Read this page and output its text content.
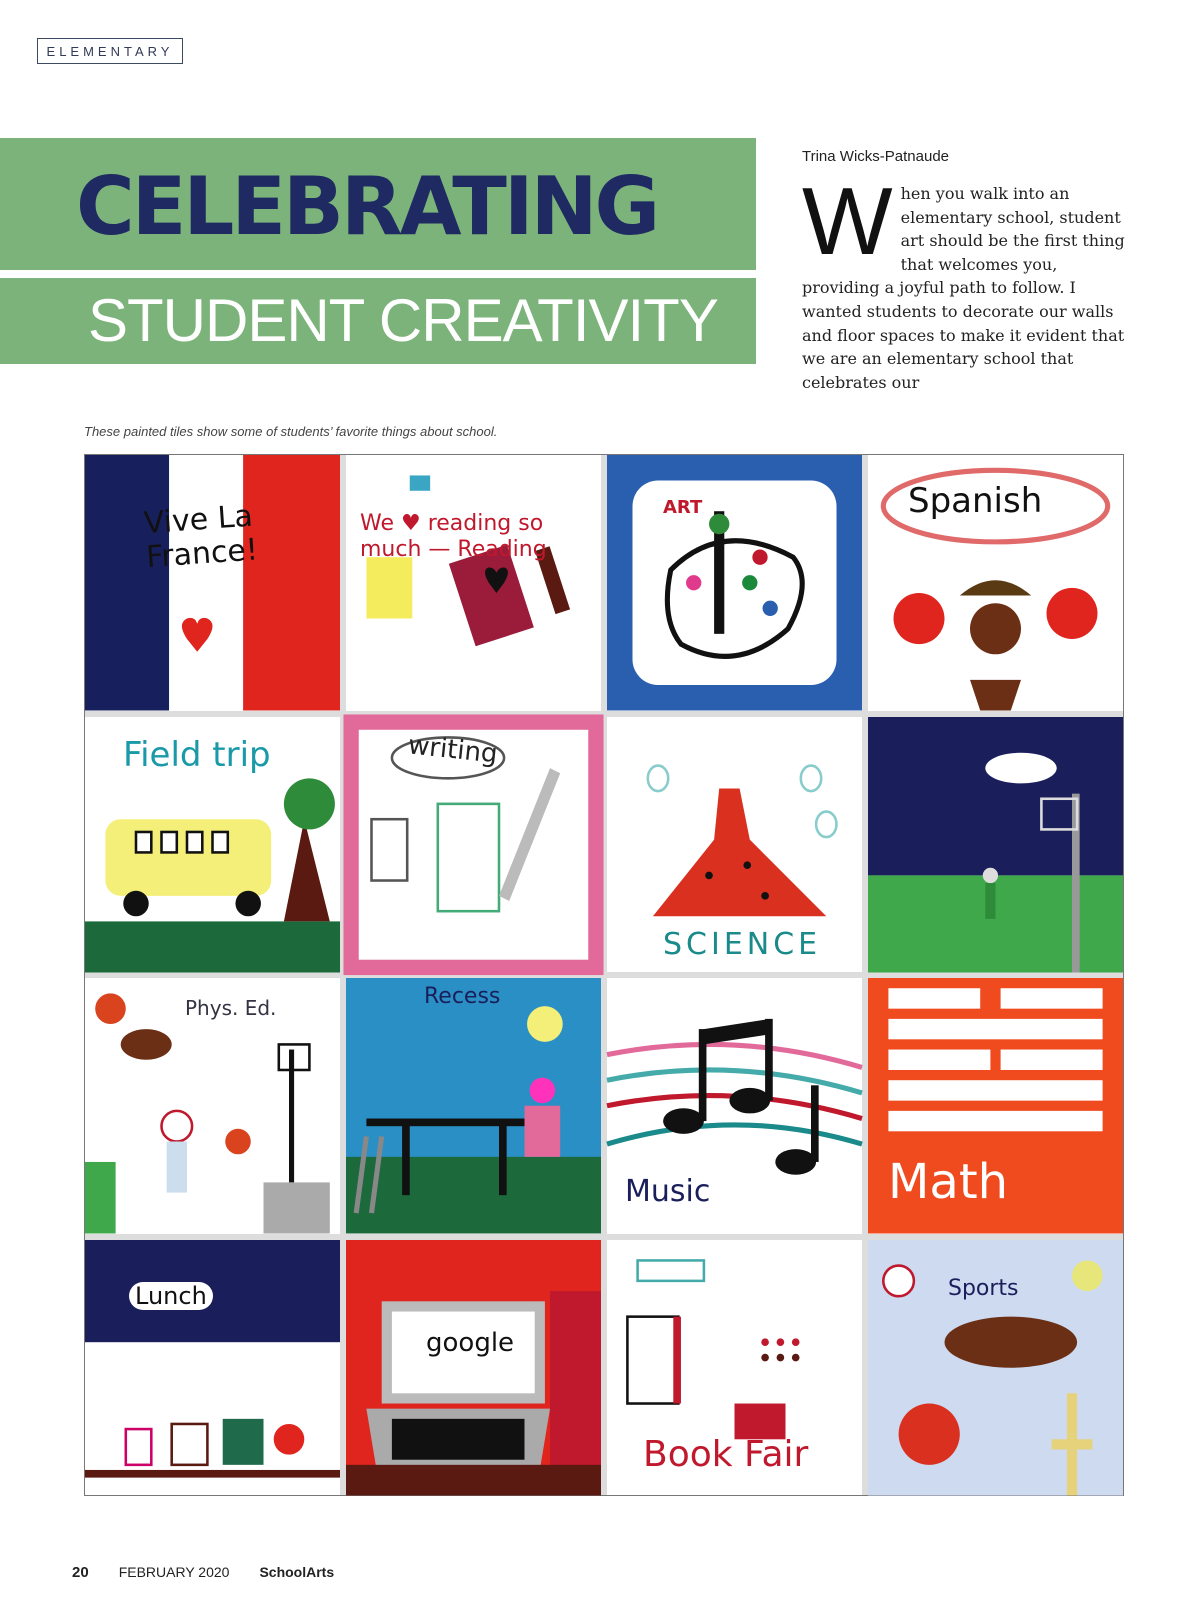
ELEMENTARY
CELEBRATING
STUDENT CREATIVITY
Trina Wicks-Patnaude
When you walk into an elementary school, student art should be the first thing that welcomes you, providing a joyful path to follow. I wanted students to decorate our walls and floor spaces to make it evident that we are an elementary school that celebrates our
These painted tiles show some of students’ favorite things about school.
Vive La France!
We ♥ reading so much — Reading
ART	Spanish
Field trip	writing
SCIENCE
Phys. Ed.	Recess
Music	Math
Lunch
google
Book Fair
Sports
20 FEBRUARY 2020 SchoolArts
